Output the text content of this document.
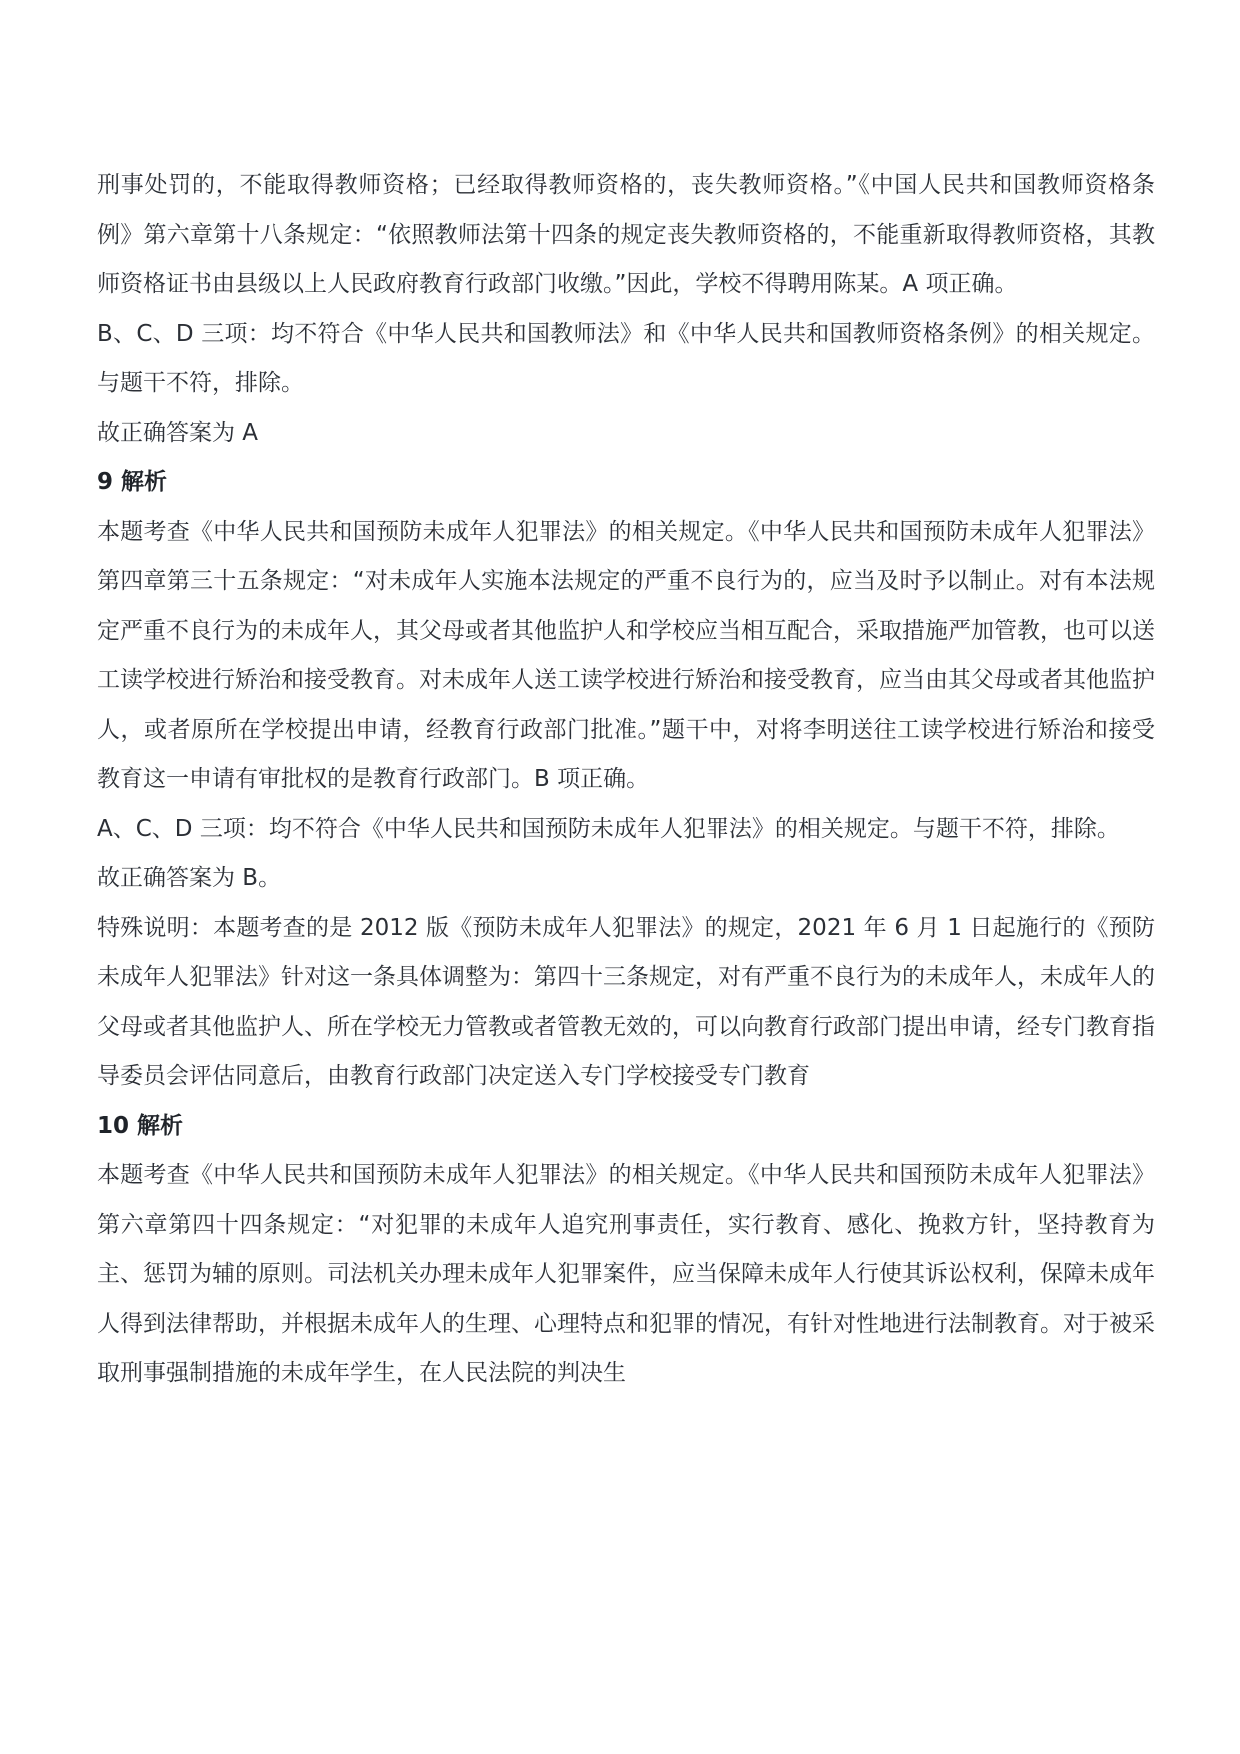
刑事处罚的，不能取得教师资格；已经取得教师资格的，丧失教师资格。”《中国人民共和国教师资格条例》第六章第十八条规定：“依照教师法第十四条的规定丧失教师资格的，不能重新取得教师资格，其教师资格证书由县级以上人民政府教育行政部门收缴。”因此，学校不得聘用陈某。A 项正确。

B、C、D 三项：均不符合《中华人民共和国教师法》和《中华人民共和国教师资格条例》的相关规定。与题干不符，排除。

故正确答案为 A

9 解析

本题考查《中华人民共和国预防未成年人犯罪法》的相关规定。《中华人民共和国预防未成年人犯罪法》第四章第三十五条规定：“对未成年人实施本法规定的严重不良行为的，应当及时予以制止。对有本法规定严重不良行为的未成年人，其父母或者其他监护人和学校应当相互配合，采取措施严加管教，也可以送工读学校进行矫治和接受教育。对未成年人送工读学校进行矫治和接受教育，应当由其父母或者其他监护人，或者原所在学校提出申请，经教育行政部门批准。”题干中，对将李明送往工读学校进行矫治和接受教育这一申请有审批权的是教育行政部门。B 项正确。

A、C、D 三项：均不符合《中华人民共和国预防未成年人犯罪法》的相关规定。与题干不符，排除。

故正确答案为 B。

特殊说明：本题考查的是 2012 版《预防未成年人犯罪法》的规定，2021 年 6 月 1 日起施行的《预防未成年人犯罪法》针对这一条具体调整为：第四十三条规定，对有严重不良行为的未成年人，未成年人的父母或者其他监护人、所在学校无力管教或者管教无效的，可以向教育行政部门提出申请，经专门教育指导委员会评估同意后，由教育行政部门决定送入专门学校接受专门教育

10 解析

本题考查《中华人民共和国预防未成年人犯罪法》的相关规定。《中华人民共和国预防未成年人犯罪法》第六章第四十四条规定：“对犯罪的未成年人追究刑事责任，实行教育、感化、挽救方针，坚持教育为主、惩罚为辅的原则。司法机关办理未成年人犯罪案件，应当保障未成年人行使其诉讼权利，保障未成年人得到法律帮助，并根据未成年人的生理、心理特点和犯罪的情况，有针对性地进行法制教育。对于被采取刑事强制措施的未成年学生，在人民法院的判决生
